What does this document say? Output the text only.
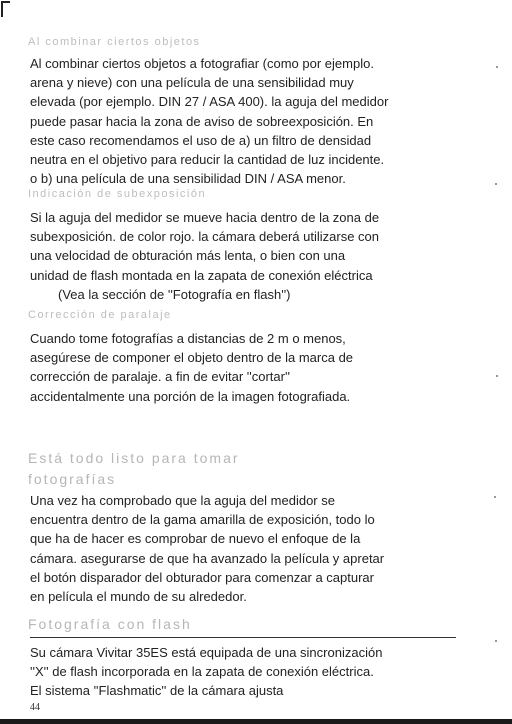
Al combinar ciertos objetos

Al combinar ciertos objetos a fotografiar (como por ejemplo.
arena y nieve) con una película de una sensibilidad muy
elevada (por ejemplo. DIN 27 / ASA 400). la aguja del medidor
puede pasar hacia la zona de aviso de sobreexposición. En
este caso recomendamos el uso de a) un filtro de densidad
neutra en el objetivo para reducir la cantidad de luz incidente.
o b) una película de una sensibilidad DIN / ASA menor.

Indicación de subexposición

Si la aguja del medidor se mueve hacia dentro de la zona de
subexposición. de color rojo. la cámara deberá utilizarse con
una velocidad de obturación más lenta, o bien con una
unidad de flash montada en la zapata de conexión eléctrica
(Vea la sección de ''Fotografía en flash'')

Corrección de paralaje

Cuando tome fotografías a distancias de 2 m o menos,
asegúrese de componer el objeto dentro de la marca de
corrección de paralaje. a fin de evitar ''cortar''
accidentalmente una porción de la imagen fotografiada.

Está todo listo para tomar
fotografías

Una vez ha comprobado que la aguja del medidor se
encuentra dentro de la gama amarilla de exposición, todo lo
que ha de hacer es comprobar de nuevo el enfoque de la
cámara. asegurarse de que ha avanzado la película y apretar
el botón disparador del obturador para comenzar a capturar
en película el mundo de su alrededor.

Fotografía con flash

Su cámara Vivitar 35ES está equipada de una sincronización
''X'' de flash incorporada en la zapata de conexión eléctrica.
El sistema ''Flashmatic'' de la cámara ajusta

44
